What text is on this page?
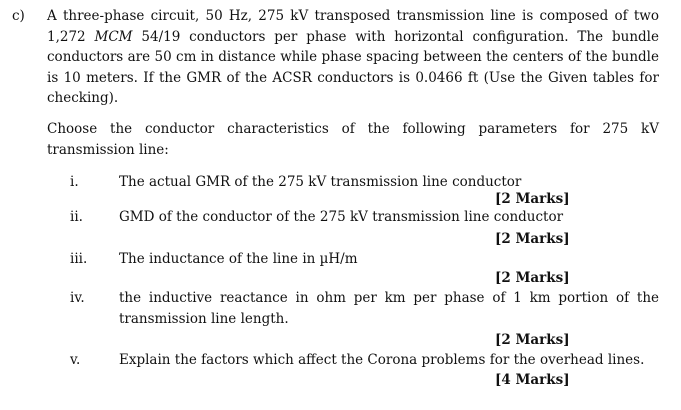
c) A three-phase circuit, 50 Hz, 275 kV transposed transmission line is composed of two 1,272 MCM 54/19 conductors per phase with horizontal configuration. The bundle conductors are 50 cm in distance while phase spacing between the centers of the bundle is 10 meters. If the GMR of the ACSR conductors is 0.0466 ft (Use the Given tables for checking).
Choose the conductor characteristics of the following parameters for 275 kV transmission line:
i.	The actual GMR of the 275 kV transmission line conductor
[2 Marks]
ii.	GMD of the conductor of the 275 kV transmission line conductor
[2 Marks]
iii. The inductance of the line in µH/m
[2 Marks]
iv.	the inductive reactance in ohm per km per phase of 1 km portion of the transmission line length.
[2 Marks]
v.	Explain the factors which affect the Corona problems for the overhead lines.
[4 Marks]
